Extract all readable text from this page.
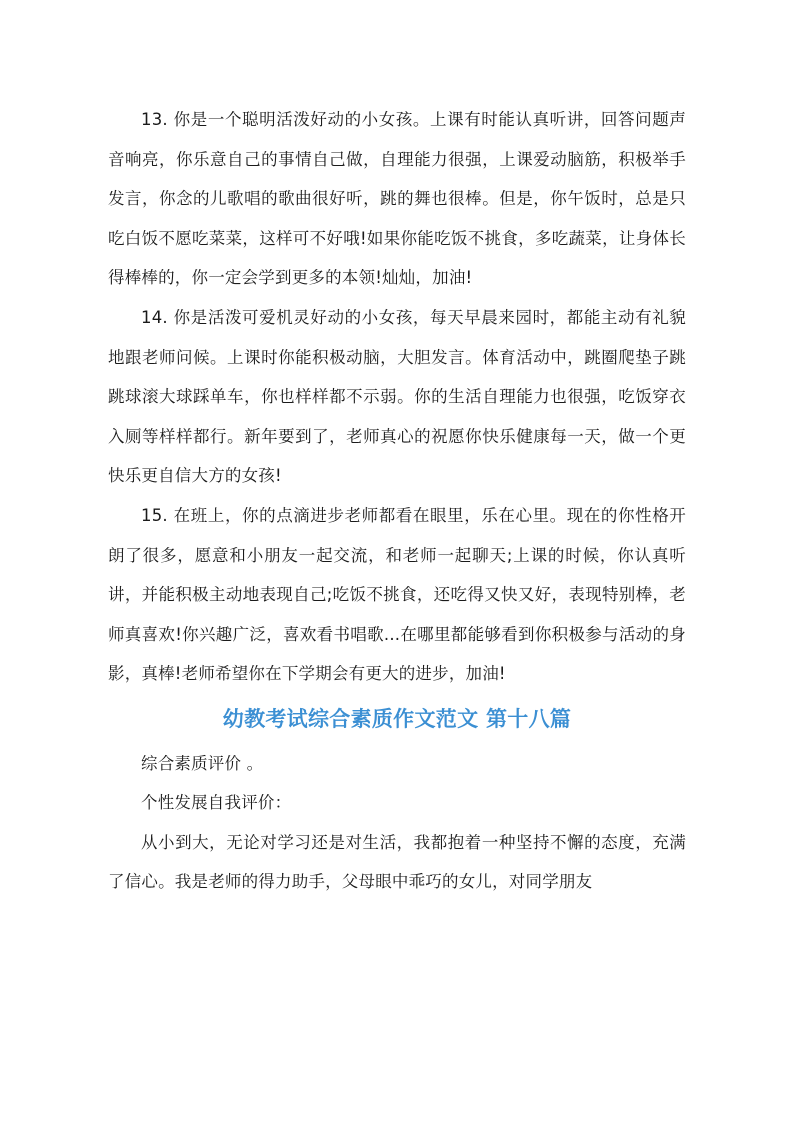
13. 你是一个聪明活泼好动的小女孩。上课有时能认真听讲，回答问题声音响亮，你乐意自己的事情自己做，自理能力很强，上课爱动脑筋，积极举手发言，你念的儿歌唱的歌曲很好听，跳的舞也很棒。但是，你午饭时，总是只吃白饭不愿吃菜菜，这样可不好哦!如果你能吃饭不挑食，多吃蔬菜，让身体长得棒棒的，你一定会学到更多的本领!灿灿，加油!

14. 你是活泼可爱机灵好动的小女孩，每天早晨来园时，都能主动有礼貌地跟老师问候。上课时你能积极动脑，大胆发言。体育活动中，跳圈爬垫子跳跳球滚大球踩单车，你也样样都不示弱。你的生活自理能力也很强，吃饭穿衣入厕等样样都行。新年要到了，老师真心的祝愿你快乐健康每一天，做一个更快乐更自信大方的女孩!

15. 在班上，你的点滴进步老师都看在眼里，乐在心里。现在的你性格开朗了很多，愿意和小朋友一起交流，和老师一起聊天;上课的时候，你认真听讲，并能积极主动地表现自己;吃饭不挑食，还吃得又快又好，表现特别棒，老师真喜欢!你兴趣广泛，喜欢看书唱歌...在哪里都能够看到你积极参与活动的身影，真棒!老师希望你在下学期会有更大的进步，加油!

幼教考试综合素质作文范文 第十八篇

综合素质评价 。

个性发展自我评价：

从小到大，无论对学习还是对生活，我都抱着一种坚持不懈的态度，充满了信心。我是老师的得力助手，父母眼中乖巧的女儿，对同学朋友
